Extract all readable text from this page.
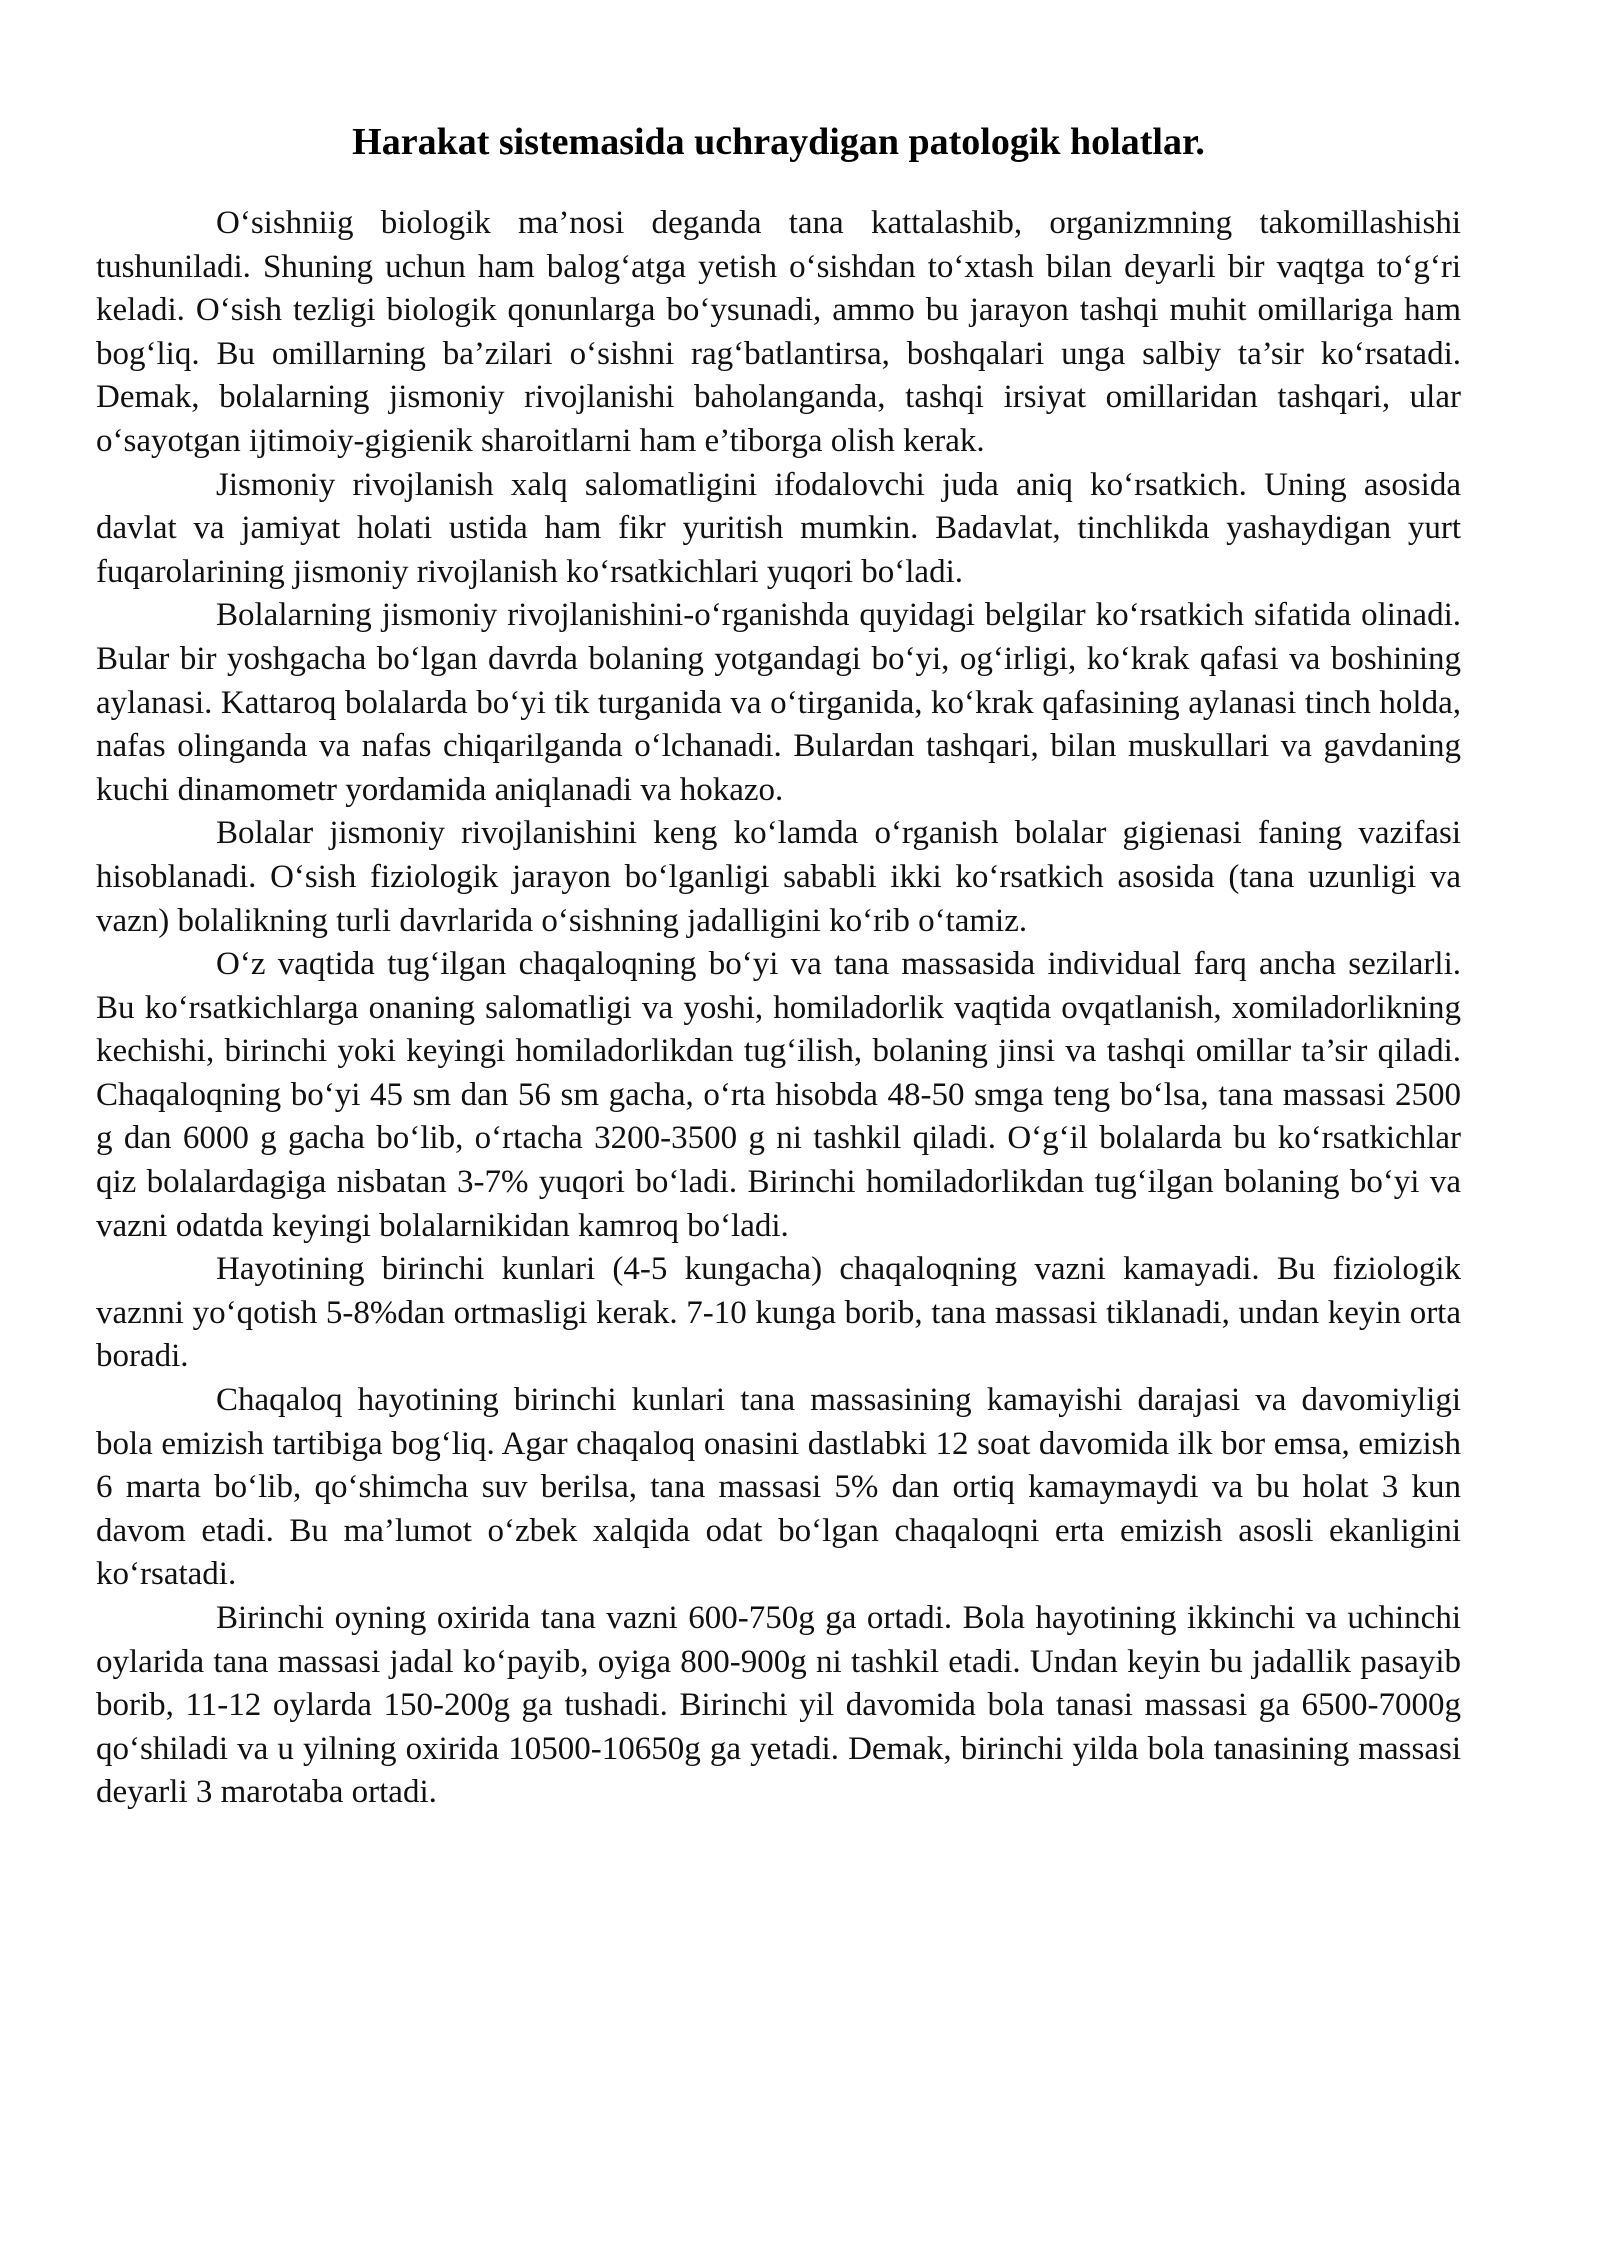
Harakat sistemasida uchraydigan patologik holatlar.

O‘sishniig biologik ma’nosi deganda tana kattalashib, organizmning takomillashishi tushuniladi. Shuning uchun ham balog‘atga yetish o‘sishdan to‘xtash bilan deyarli bir vaqtga to‘g‘ri keladi. O‘sish tezligi biologik qonunlarga bo‘ysunadi, ammo bu jarayon tashqi muhit omillariga ham bog‘liq. Bu omillarning ba’zilari o‘sishni rag‘batlantirsa, boshqalari unga salbiy ta’sir ko‘rsatadi. Demak, bolalarning jismoniy rivojlanishi baholanganda, tashqi irsiyat omillaridan tashqari, ular o‘sayotgan ijtimoiy-gigienik sharoitlarni ham e’tiborga olish kerak.

Jismoniy rivojlanish xalq salomatligini ifodalovchi juda aniq ko‘rsatkich. Uning asosida davlat va jamiyat holati ustida ham fikr yuritish mumkin. Badavlat, tinchlikda yashaydigan yurt fuqarolarining jismoniy rivojlanish ko‘rsatkichlari yuqori bo‘ladi.

Bolalarning jismoniy rivojlanishini-o‘rganishda quyidagi belgilar ko‘rsatkich sifatida olinadi. Bular bir yoshgacha bo‘lgan davrda bolaning yotgandagi bo‘yi, og‘irligi, ko‘krak qafasi va boshining aylanasi. Kattaroq bolalarda bo‘yi tik turganida va o‘tirganida, ko‘krak qafasining aylanasi tinch holda, nafas olinganda va nafas chiqarilganda o‘lchanadi. Bulardan tashqari, bilan muskullari va gavdaning kuchi dinamometr yordamida aniqlanadi va hokazo.

Bolalar jismoniy rivojlanishini keng ko‘lamda o‘rganish bolalar gigienasi faning vazifasi hisoblanadi. O‘sish fiziologik jarayon bo‘lganligi sababli ikki ko‘rsatkich asosida (tana uzunligi va vazn) bolalikning turli davrlarida o‘sishning jadalligini ko‘rib o‘tamiz.

O‘z vaqtida tug‘ilgan chaqaloqning bo‘yi va tana massasida individual farq ancha sezilarli. Bu ko‘rsatkichlarga onaning salomatligi va yoshi, homiladorlik vaqtida ovqatlanish, xomiladorlikning kechishi, birinchi yoki keyingi homiladorlikdan tug‘ilish, bolaning jinsi va tashqi omillar ta’sir qiladi. Chaqaloqning bo‘yi 45 sm dan 56 sm gacha, o‘rta hisobda 48-50 smga teng bo‘lsa, tana massasi 2500 g dan 6000 g gacha bo‘lib, o‘rtacha 3200-3500 g ni tashkil qiladi. O‘g‘il bolalarda bu ko‘rsatkichlar qiz bolalardagiga nisbatan 3-7% yuqori bo‘ladi. Birinchi homiladorlikdan tug‘ilgan bolaning bo‘yi va vazni odatda keyingi bolalarnikidan kamroq bo‘ladi.

Hayotining birinchi kunlari (4-5 kungacha) chaqaloqning vazni kamayadi. Bu fiziologik vaznni yo‘qotish 5-8%dan ortmasligi kerak. 7-10 kunga borib, tana massasi tiklanadi, undan keyin orta boradi.

Chaqaloq hayotining birinchi kunlari tana massasining kamayishi darajasi va davomiyligi bola emizish tartibiga bog‘liq. Agar chaqaloq onasini dastlabki 12 soat davomida ilk bor emsa, emizish 6 marta bo‘lib, qo‘shimcha suv berilsa, tana massasi 5% dan ortiq kamaymaydi va bu holat 3 kun davom etadi. Bu ma’lumot o‘zbek xalqida odat bo‘lgan chaqaloqni erta emizish asosli ekanligini ko‘rsatadi.

Birinchi oyning oxirida tana vazni 600-750g ga ortadi. Bola hayotining ikkinchi va uchinchi oylarida tana massasi jadal ko‘payib, oyiga 800-900g ni tashkil etadi. Undan keyin bu jadallik pasayib borib, 11-12 oylarda 150-200g ga tushadi. Birinchi yil davomida bola tanasi massasi ga 6500-7000g qo‘shiladi va u yilning oxirida 10500-10650g ga yetadi. Demak, birinchi yilda bola tanasining massasi deyarli 3 marotaba ortadi.
